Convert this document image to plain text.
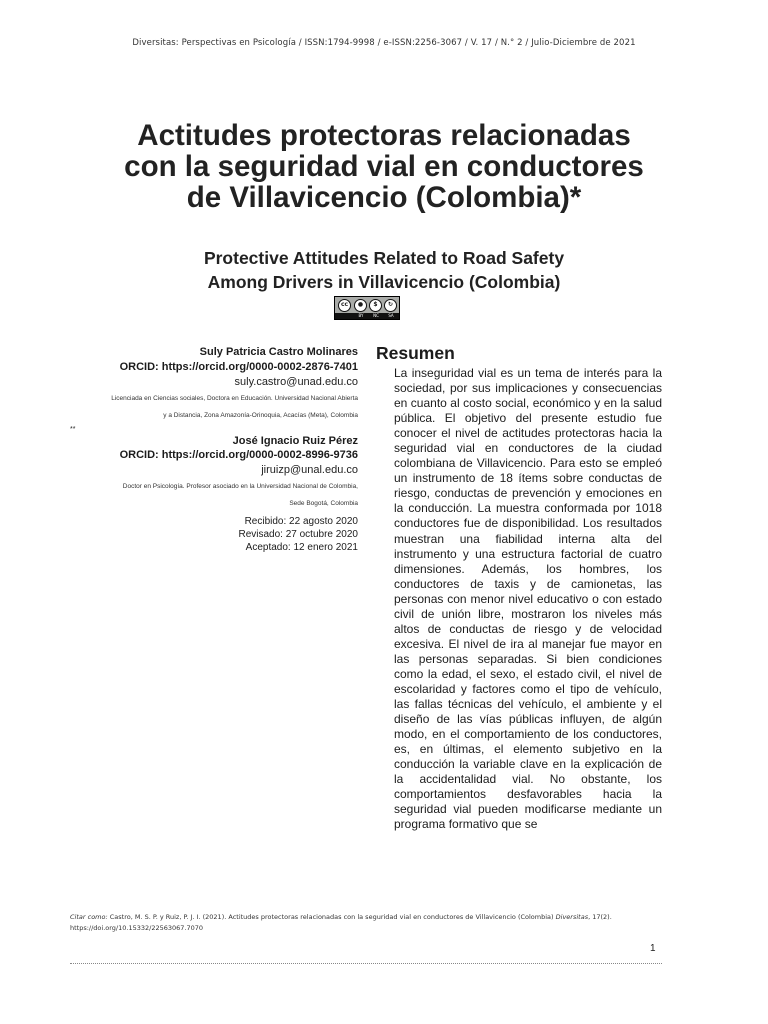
Diversitas: Perspectivas en Psicología / ISSN:1794-9998 / e-ISSN:2256-3067 / V. 17 / N.° 2 / Julio-Diciembre de 2021
Actitudes protectoras relacionadas
con la seguridad vial en conductores
de Villavicencio (Colombia)*
Protective Attitudes Related to Road Safety
Among Drivers in Villavicencio (Colombia)
cc	●	$	↻
BY	NC	SA
Suly Patricia Castro Molinares
ORCID: https://orcid.org/0000-0002-2876-7401
suly.castro@unad.edu.co
Licenciada en Ciencias sociales, Doctora en Educación. Universidad Nacional Abierta
y a Distancia, Zona Amazonía-Orinoquia, Acacías (Meta), Colombia
**
José Ignacio Ruiz Pérez
ORCID: https://orcid.org/0000-0002-8996-9736
jiruizp@unal.edu.co
Doctor en Psicología. Profesor asociado en la Universidad Nacional de Colombia,
Sede Bogotá, Colombia
Recibido: 22 agosto 2020
Revisado: 27 octubre 2020
Aceptado: 12 enero 2021
Resumen
La inseguridad vial es un tema de interés para la sociedad, por sus implicaciones y consecuencias en cuanto al costo social, económico y en la salud pública. El objetivo del presente estudio fue conocer el nivel de actitudes protectoras hacia la seguridad vial en conductores de la ciudad colombiana de Villavicencio. Para esto se empleó un instrumento de 18 ítems sobre conductas de riesgo, conductas de prevención y emociones en la conducción. La muestra conformada por 1018 conductores fue de disponibilidad. Los resultados muestran una fiabilidad interna alta del instrumento y una estructura factorial de cuatro dimensiones. Además, los hombres, los conductores de taxis y de camionetas, las personas con menor nivel educativo o con estado civil de unión libre, mostraron los niveles más altos de conductas de riesgo y de velocidad excesiva. El nivel de ira al manejar fue mayor en las personas separadas. Si bien condiciones como la edad, el sexo, el estado civil, el nivel de escolaridad y factores como el tipo de vehículo, las fallas técnicas del vehículo, el ambiente y el diseño de las vías públicas influyen, de algún modo, en el comportamiento de los conductores, es, en últimas, el elemento subjetivo en la conducción la variable clave en la explicación de la accidentalidad vial. No obstante, los comportamientos desfavorables hacia la seguridad vial pueden modificarse mediante un programa formativo que se
Citar como: Castro, M. S. P. y Ruiz, P. J. I. (2021). Actitudes protectoras relacionadas con la seguridad vial en conductores de Villavicencio (Colombia) Diversitas, 17(2). https://doi.org/10.15332/22563067.7070
1
